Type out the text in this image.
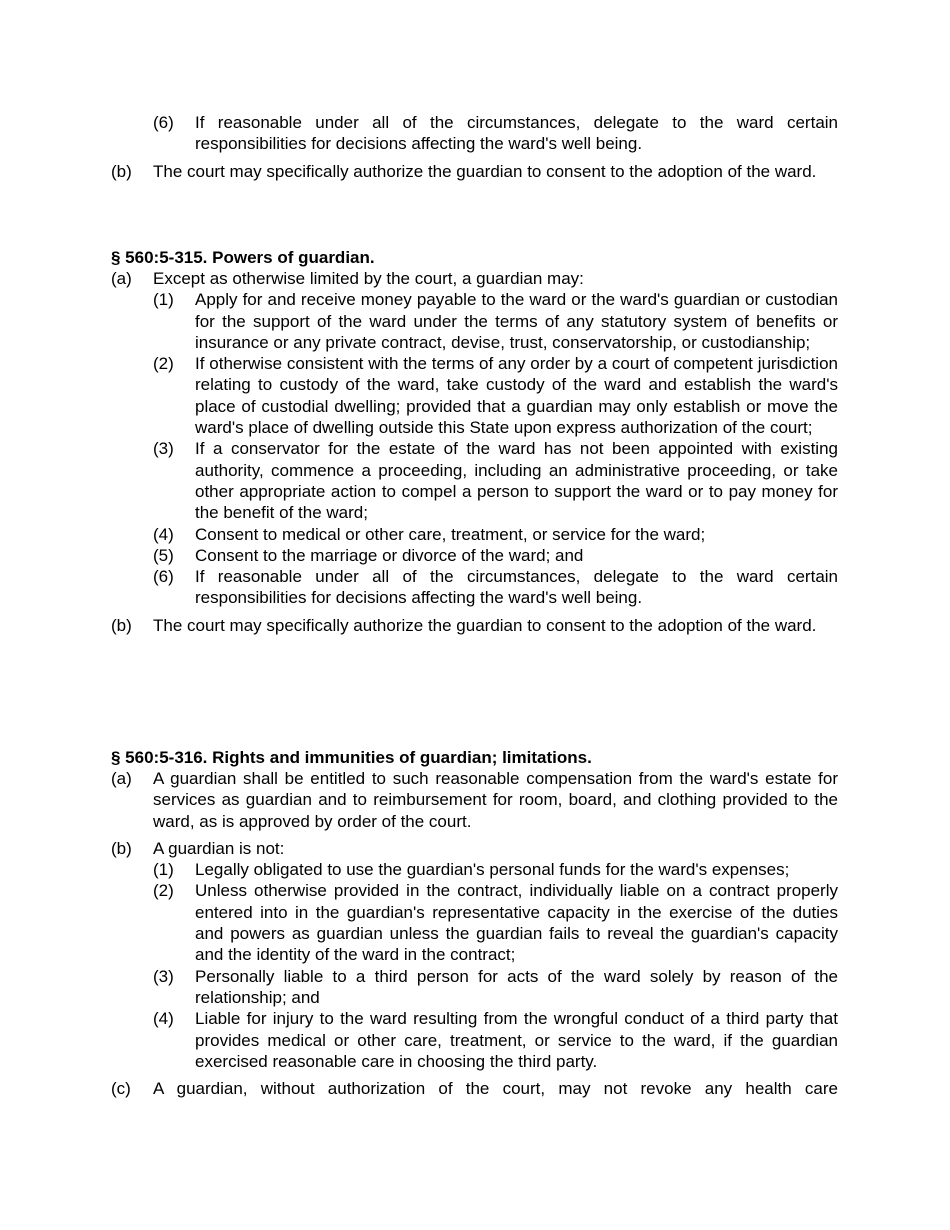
(6) If reasonable under all of the circumstances, delegate to the ward certain responsibilities for decisions affecting the ward's well being.
(b) The court may specifically authorize the guardian to consent to the adoption of the ward.
§ 560:5-315. Powers of guardian.
(a) Except as otherwise limited by the court, a guardian may:
(1) Apply for and receive money payable to the ward or the ward's guardian or custodian for the support of the ward under the terms of any statutory system of benefits or insurance or any private contract, devise, trust, conservatorship, or custodianship;
(2) If otherwise consistent with the terms of any order by a court of competent jurisdiction relating to custody of the ward, take custody of the ward and establish the ward's place of custodial dwelling; provided that a guardian may only establish or move the ward's place of dwelling outside this State upon express authorization of the court;
(3) If a conservator for the estate of the ward has not been appointed with existing authority, commence a proceeding, including an administrative proceeding, or take other appropriate action to compel a person to support the ward or to pay money for the benefit of the ward;
(4) Consent to medical or other care, treatment, or service for the ward;
(5) Consent to the marriage or divorce of the ward; and
(6) If reasonable under all of the circumstances, delegate to the ward certain responsibilities for decisions affecting the ward's well being.
(b) The court may specifically authorize the guardian to consent to the adoption of the ward.
§ 560:5-316. Rights and immunities of guardian; limitations.
(a) A guardian shall be entitled to such reasonable compensation from the ward's estate for services as guardian and to reimbursement for room, board, and clothing provided to the ward, as is approved by order of the court.
(b) A guardian is not:
(1) Legally obligated to use the guardian's personal funds for the ward's expenses;
(2) Unless otherwise provided in the contract, individually liable on a contract properly entered into in the guardian's representative capacity in the exercise of the duties and powers as guardian unless the guardian fails to reveal the guardian's capacity and the identity of the ward in the contract;
(3) Personally liable to a third person for acts of the ward solely by reason of the relationship; and
(4) Liable for injury to the ward resulting from the wrongful conduct of a third party that provides medical or other care, treatment, or service to the ward, if the guardian exercised reasonable care in choosing the third party.
(c) A guardian, without authorization of the court, may not revoke any health care
